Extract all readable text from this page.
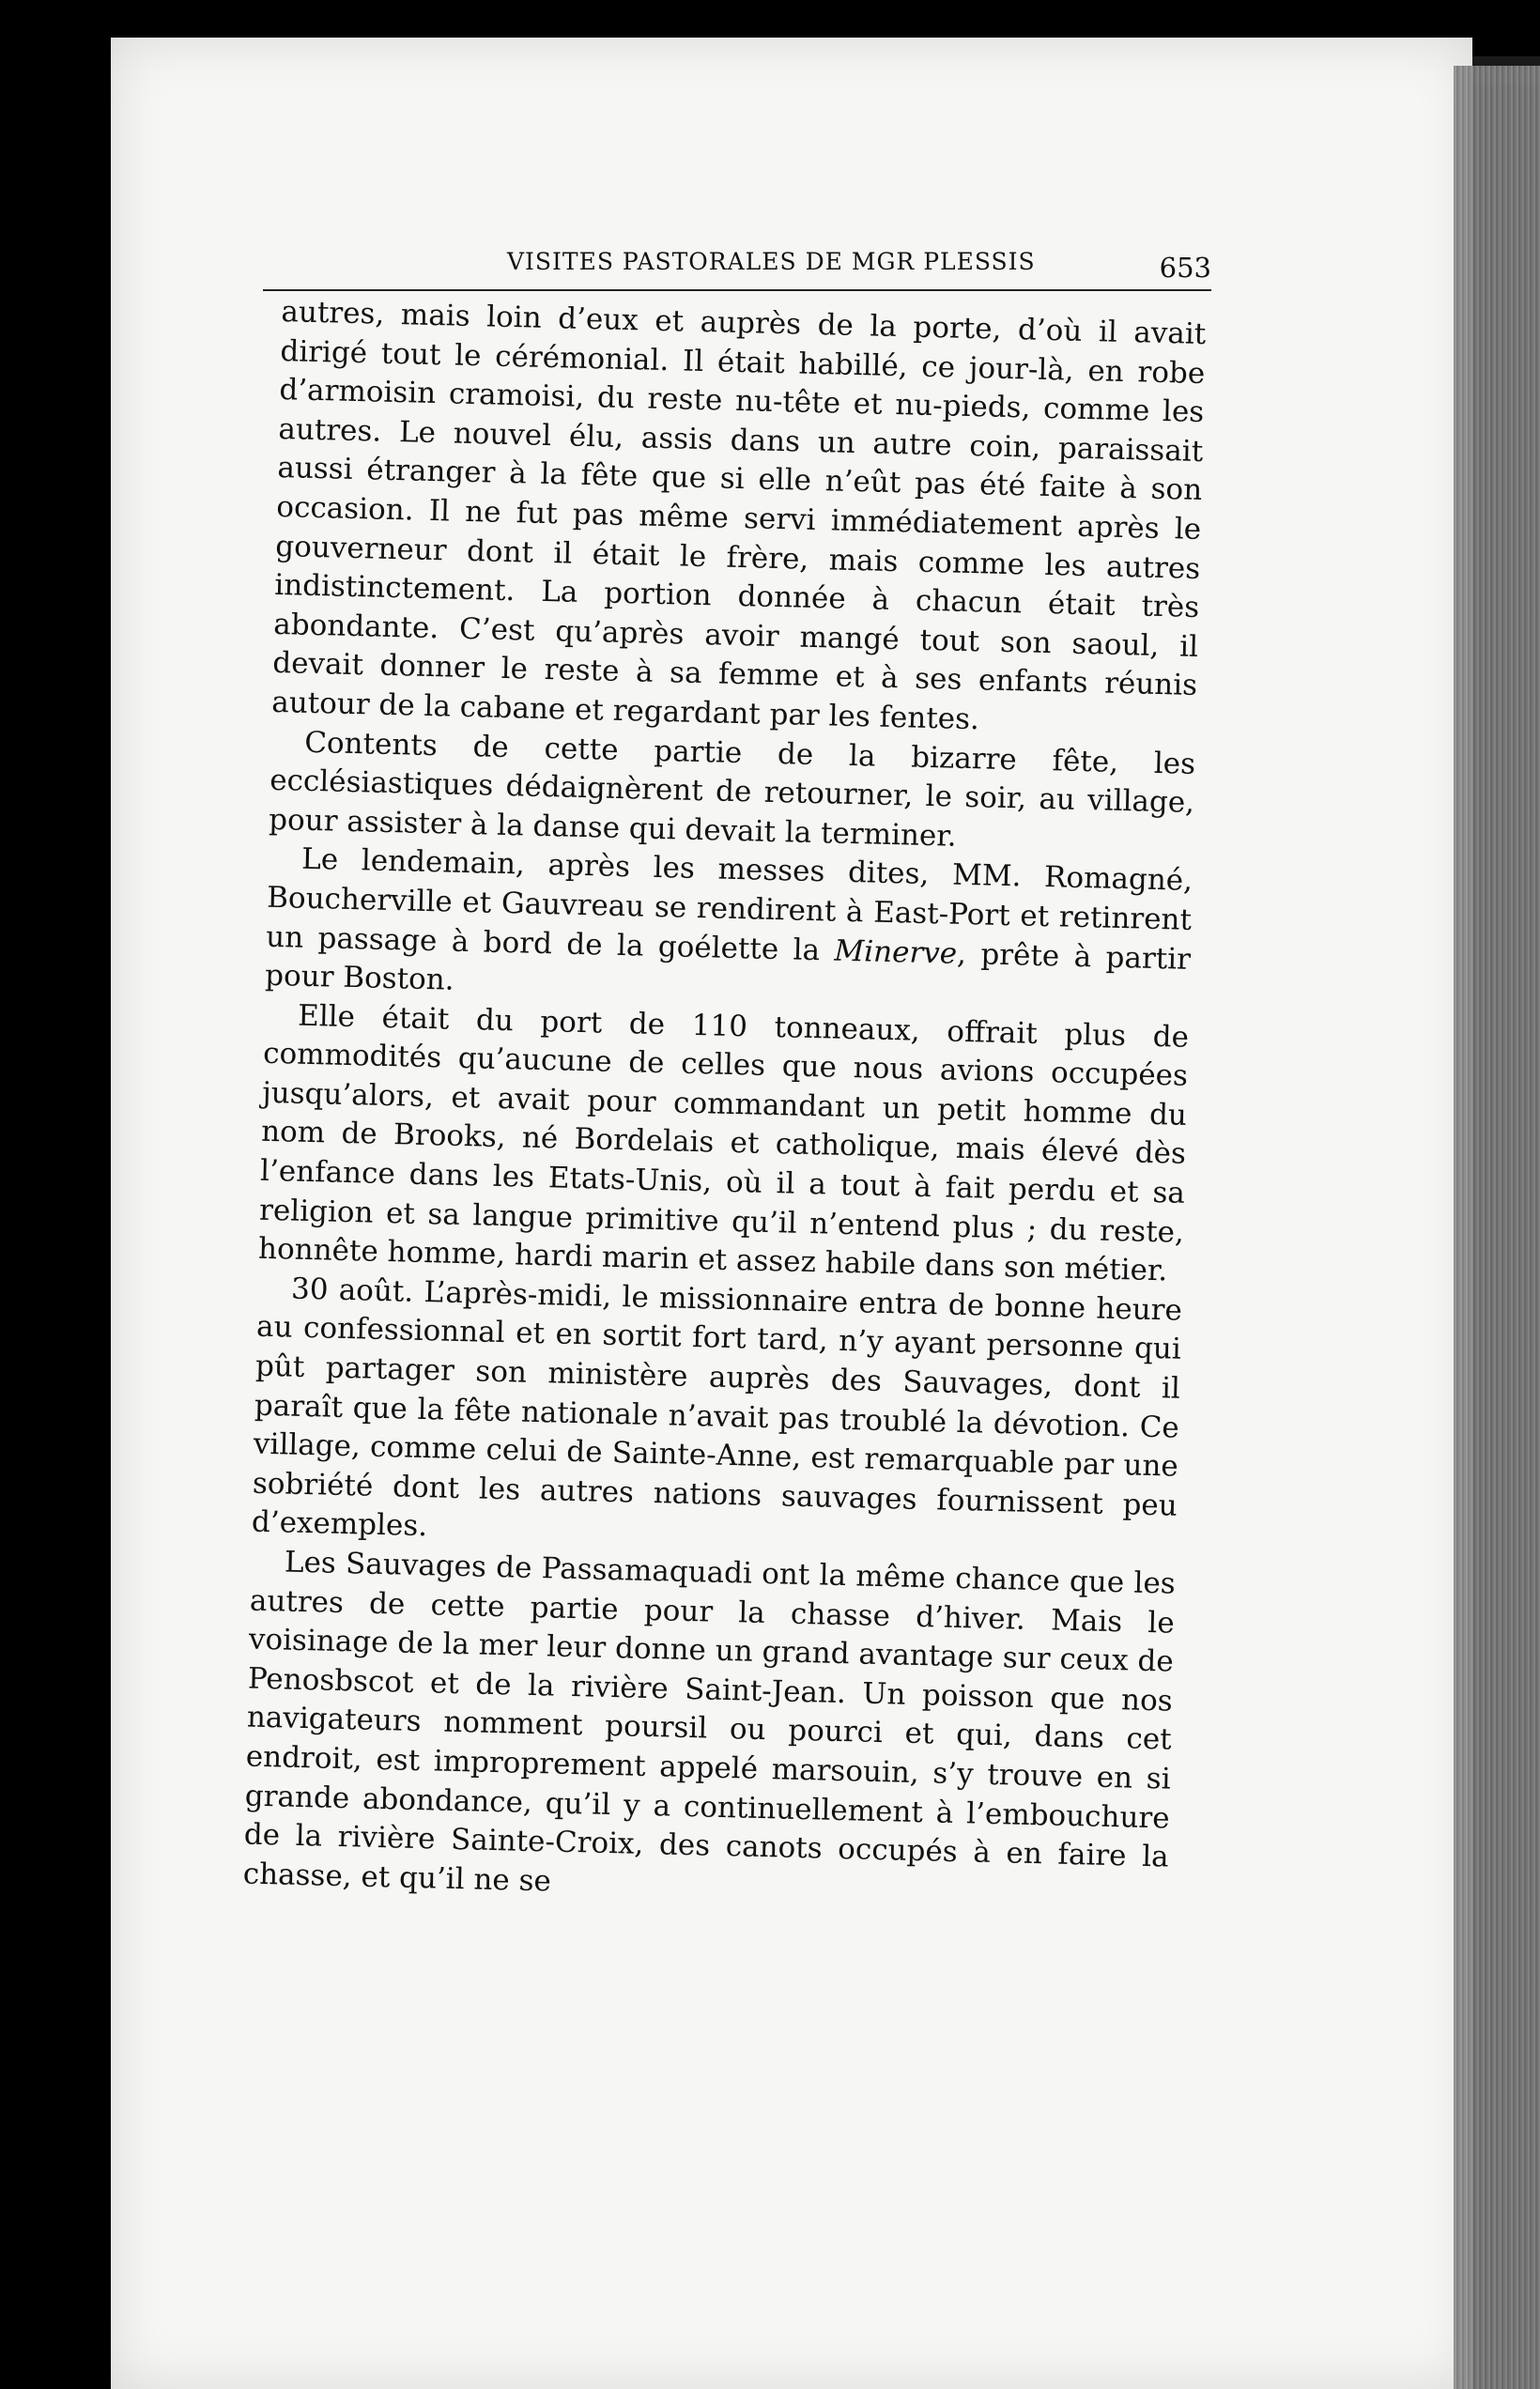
VISITES PASTORALES DE MGR PLESSIS	653

autres, mais loin d’eux et auprès de la porte, d’où il avait dirigé tout le cérémonial. Il était habillé, ce jour-là, en robe d’armoisin cramoisi, du reste nu-tête et nu-pieds, comme les autres. Le nouvel élu, assis dans un autre coin, paraissait aussi étranger à la fête que si elle n’eût pas été faite à son occasion. Il ne fut pas même servi immédiatement après le gouverneur dont il était le frère, mais comme les autres indistinctement. La portion donnée à chacun était très abondante. C’est qu’après avoir mangé tout son saoul, il devait donner le reste à sa femme et à ses enfants réunis autour de la cabane et regardant par les fentes.

Contents de cette partie de la bizarre fête, les ecclésiastiques dédaignèrent de retourner, le soir, au village, pour assister à la danse qui devait la terminer.

Le lendemain, après les messes dites, MM. Romagné, Boucherville et Gauvreau se rendirent à East-Port et retinrent un passage à bord de la goélette la Minerve, prête à partir pour Boston.

Elle était du port de 110 tonneaux, offrait plus de commodités qu’aucune de celles que nous avions occupées jusqu’alors, et avait pour commandant un petit homme du nom de Brooks, né Bordelais et catholique, mais élevé dès l’enfance dans les Etats-Unis, où il a tout à fait perdu et sa religion et sa langue primitive qu’il n’entend plus ; du reste, honnête homme, hardi marin et assez habile dans son métier.

30 août. L’après-midi, le missionnaire entra de bonne heure au confessionnal et en sortit fort tard, n’y ayant personne qui pût partager son ministère auprès des Sauvages, dont il paraît que la fête nationale n’avait pas troublé la dévotion. Ce village, comme celui de Sainte-Anne, est remarquable par une sobriété dont les autres nations sauvages fournissent peu d’exemples.

Les Sauvages de Passamaquadi ont la même chance que les autres de cette partie pour la chasse d’hiver. Mais le voisinage de la mer leur donne un grand avantage sur ceux de Penosbscot et de la rivière Saint-Jean. Un poisson que nos navigateurs nomment poursil ou pourci et qui, dans cet endroit, est improprement appelé marsouin, s’y trouve en si grande abondance, qu’il y a continuellement à l’embouchure de la rivière Sainte-Croix, des canots occupés à en faire la chasse, et qu’il ne se
